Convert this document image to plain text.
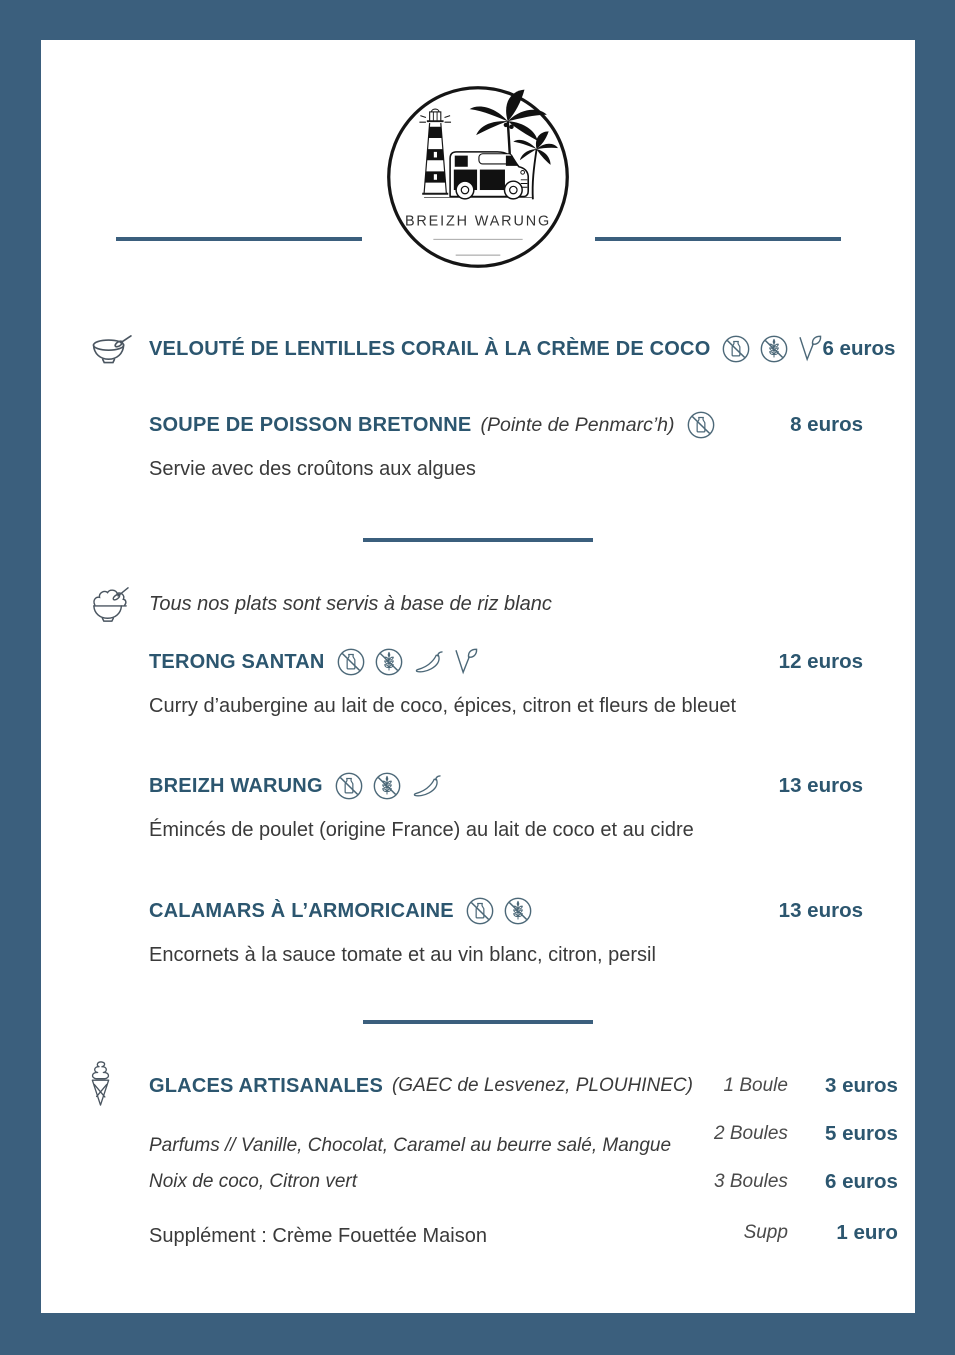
BREIZH WARUNG
VELOUTÉ DE LENTILLES CORAIL À LA CRÈME DE COCO	6 euros
SOUPE DE POISSON BRETONNE (Pointe de Penmarc’h)	8 euros
Servie avec des croûtons aux algues
Tous nos plats sont servis à base de riz blanc
TERONG SANTAN	12 euros
Curry d’aubergine au lait de coco, épices, citron et fleurs de bleuet
BREIZH WARUNG	13 euros
Émincés de poulet (origine France) au lait de coco et au cidre
CALAMARS À L’ARMORICAINE	13 euros
Encornets à la sauce tomate et au vin blanc, citron, persil
GLACES ARTISANALES (GAEC de Lesvenez, PLOUHINEC)	1 Boule	3 euros
Parfums // Vanille, Chocolat, Caramel au beurre salé, Mangue
2 Boules	5 euros
Noix de coco, Citron vert	3 Boules	6 euros
Supplément : Crème Fouettée Maison	Supp	1 euro
